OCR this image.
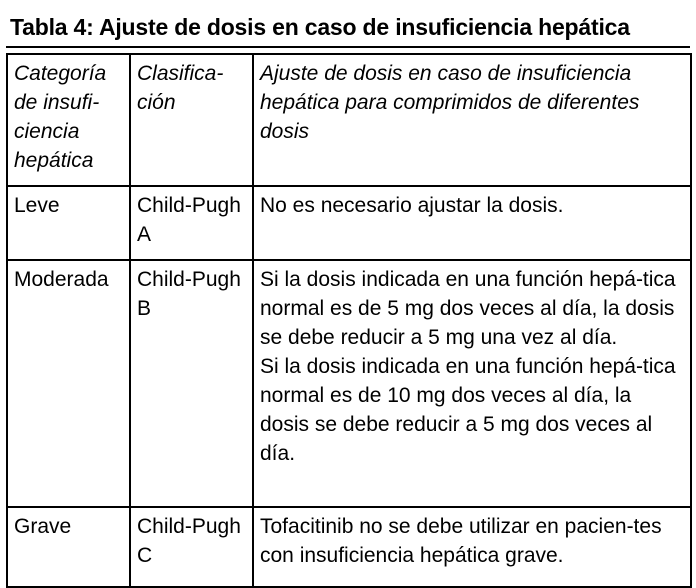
Tabla 4: Ajuste de dosis en caso de insuficiencia hepática
Categoría de insufi-ciencia hepática	Clasifica-ción	Ajuste de dosis en caso de insuficiencia hepática para comprimidos de diferentes dosis
Leve	Child-Pugh A	No es necesario ajustar la dosis.

Moderada	Child-Pugh B	Si la dosis indicada en una función hepá-tica normal es de 5 mg dos veces al día, la dosis se debe reducir a 5 mg una vez al día.
Si la dosis indicada en una función hepá-tica normal es de 10 mg dos veces al día, la dosis se debe reducir a 5 mg dos veces al día.

Grave	Child-Pugh C	Tofacitinib no se debe utilizar en pacien-tes con insuficiencia hepática grave.
